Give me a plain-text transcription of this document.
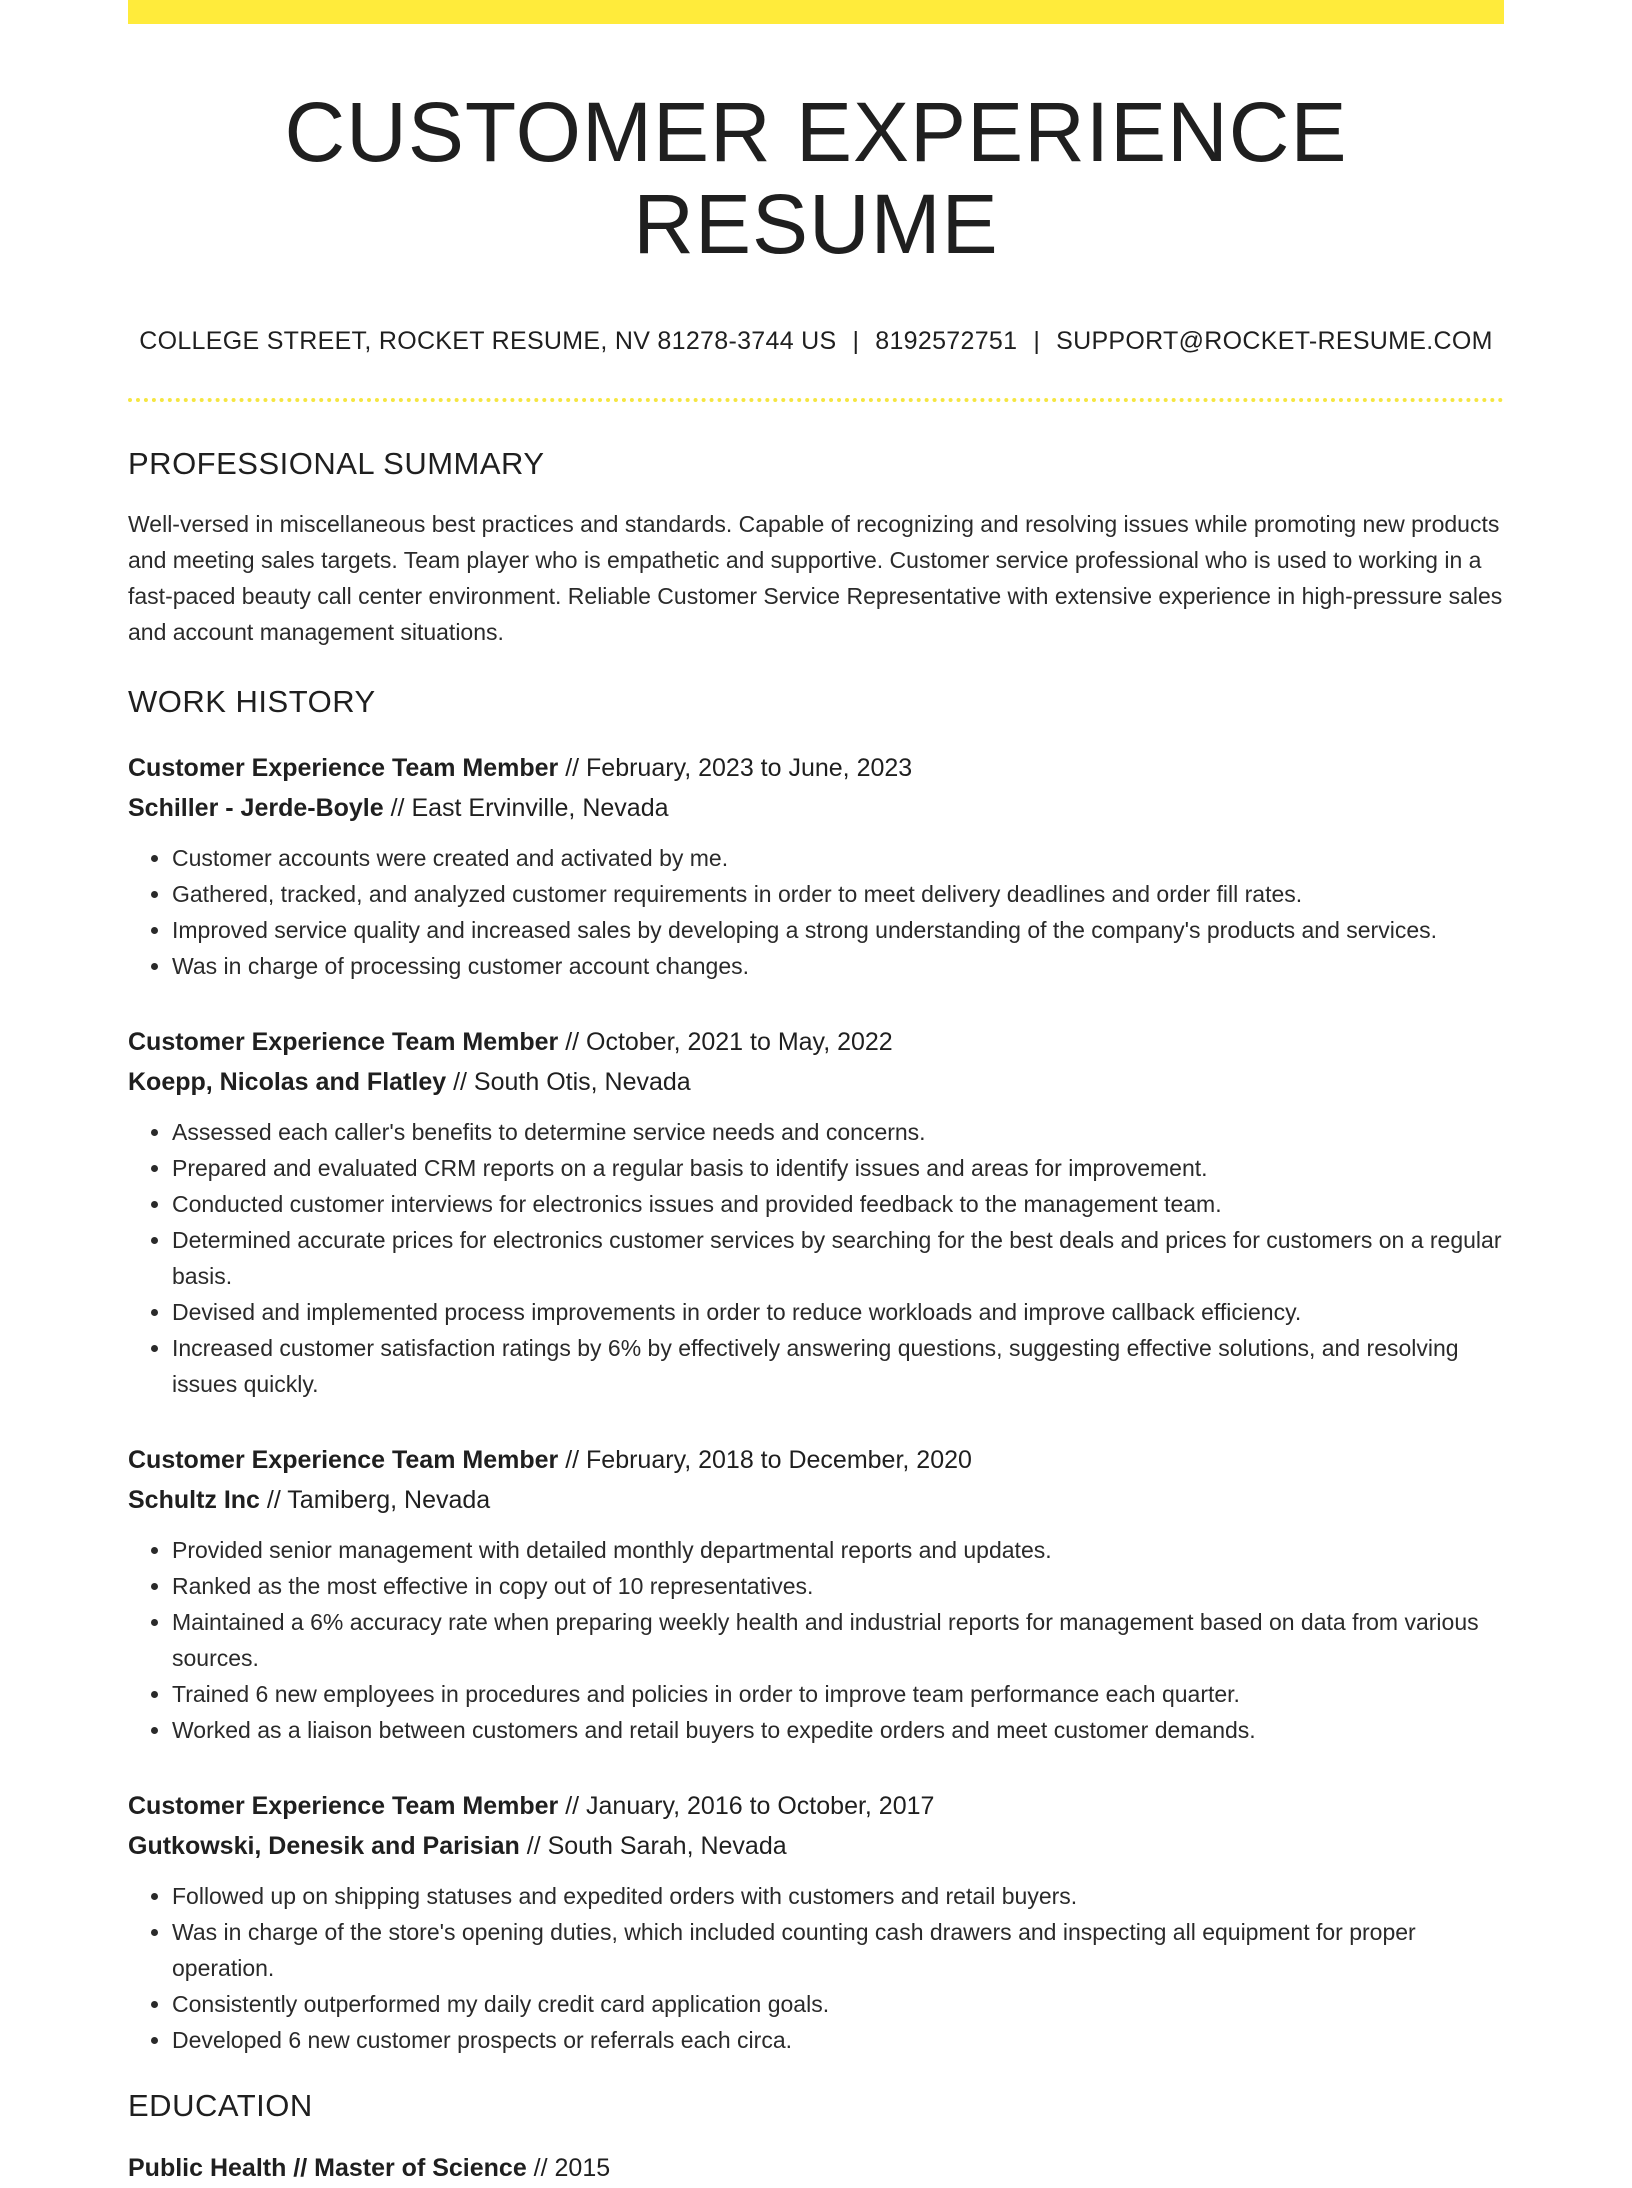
CUSTOMER EXPERIENCE RESUME
COLLEGE STREET, ROCKET RESUME, NV 81278-3744 US | 8192572751 | SUPPORT@ROCKET-RESUME.COM
PROFESSIONAL SUMMARY

Well-versed in miscellaneous best practices and standards. Capable of recognizing and resolving issues while promoting new products and meeting sales targets. Team player who is empathetic and supportive. Customer service professional who is used to working in a fast-paced beauty call center environment. Reliable Customer Service Representative with extensive experience in high-pressure sales and account management situations.

WORK HISTORY
Customer Experience Team Member // February, 2023 to June, 2023
Schiller - Jerde-Boyle // East Ervinville, Nevada
• Customer accounts were created and activated by me.
• Gathered, tracked, and analyzed customer requirements in order to meet delivery deadlines and order fill rates.
• Improved service quality and increased sales by developing a strong understanding of the company's products and services.
• Was in charge of processing customer account changes.
Customer Experience Team Member // October, 2021 to May, 2022
Koepp, Nicolas and Flatley // South Otis, Nevada
• Assessed each caller's benefits to determine service needs and concerns.
• Prepared and evaluated CRM reports on a regular basis to identify issues and areas for improvement.
• Conducted customer interviews for electronics issues and provided feedback to the management team.
• Determined accurate prices for electronics customer services by searching for the best deals and prices for customers on a regular basis.
• Devised and implemented process improvements in order to reduce workloads and improve callback efficiency.
• Increased customer satisfaction ratings by 6% by effectively answering questions, suggesting effective solutions, and resolving issues quickly.
Customer Experience Team Member // February, 2018 to December, 2020
Schultz Inc // Tamiberg, Nevada
• Provided senior management with detailed monthly departmental reports and updates.
• Ranked as the most effective in copy out of 10 representatives.
• Maintained a 6% accuracy rate when preparing weekly health and industrial reports for management based on data from various sources.
• Trained 6 new employees in procedures and policies in order to improve team performance each quarter.
• Worked as a liaison between customers and retail buyers to expedite orders and meet customer demands.
Customer Experience Team Member // January, 2016 to October, 2017
Gutkowski, Denesik and Parisian // South Sarah, Nevada
• Followed up on shipping statuses and expedited orders with customers and retail buyers.
• Was in charge of the store's opening duties, which included counting cash drawers and inspecting all equipment for proper operation.
• Consistently outperformed my daily credit card application goals.
• Developed 6 new customer prospects or referrals each circa.
EDUCATION
Public Health // Master of Science // 2015
